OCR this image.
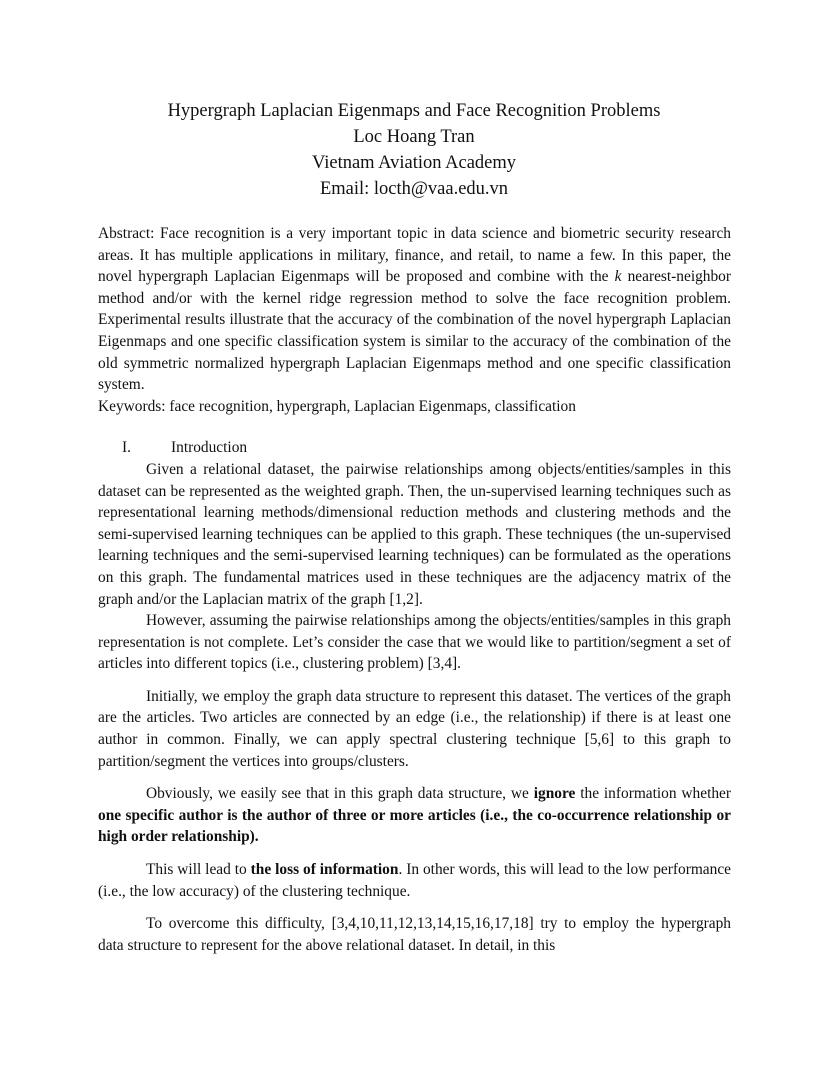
Hypergraph Laplacian Eigenmaps and Face Recognition Problems
Loc Hoang Tran
Vietnam Aviation Academy
Email: locth@vaa.edu.vn

Abstract: Face recognition is a very important topic in data science and biometric security research areas. It has multiple applications in military, finance, and retail, to name a few. In this paper, the novel hypergraph Laplacian Eigenmaps will be proposed and combine with the k nearest-neighbor method and/or with the kernel ridge regression method to solve the face recognition problem. Experimental results illustrate that the accuracy of the combination of the novel hypergraph Laplacian Eigenmaps and one specific classification system is similar to the accuracy of the combination of the old symmetric normalized hypergraph Laplacian Eigenmaps method and one specific classification system.

Keywords: face recognition, hypergraph, Laplacian Eigenmaps, classification

I.	Introduction

Given a relational dataset, the pairwise relationships among objects/entities/samples in this dataset can be represented as the weighted graph. Then, the un-supervised learning techniques such as representational learning methods/dimensional reduction methods and clustering methods and the semi-supervised learning techniques can be applied to this graph. These techniques (the un-supervised learning techniques and the semi-supervised learning techniques) can be formulated as the operations on this graph. The fundamental matrices used in these techniques are the adjacency matrix of the graph and/or the Laplacian matrix of the graph [1,2].

However, assuming the pairwise relationships among the objects/entities/samples in this graph representation is not complete. Let’s consider the case that we would like to partition/segment a set of articles into different topics (i.e., clustering problem) [3,4].

Initially, we employ the graph data structure to represent this dataset. The vertices of the graph are the articles. Two articles are connected by an edge (i.e., the relationship) if there is at least one author in common. Finally, we can apply spectral clustering technique [5,6] to this graph to partition/segment the vertices into groups/clusters.

Obviously, we easily see that in this graph data structure, we ignore the information whether one specific author is the author of three or more articles (i.e., the co-occurrence relationship or high order relationship).

This will lead to the loss of information. In other words, this will lead to the low performance (i.e., the low accuracy) of the clustering technique.

To overcome this difficulty, [3,4,10,11,12,13,14,15,16,17,18] try to employ the hypergraph data structure to represent for the above relational dataset. In detail, in this
